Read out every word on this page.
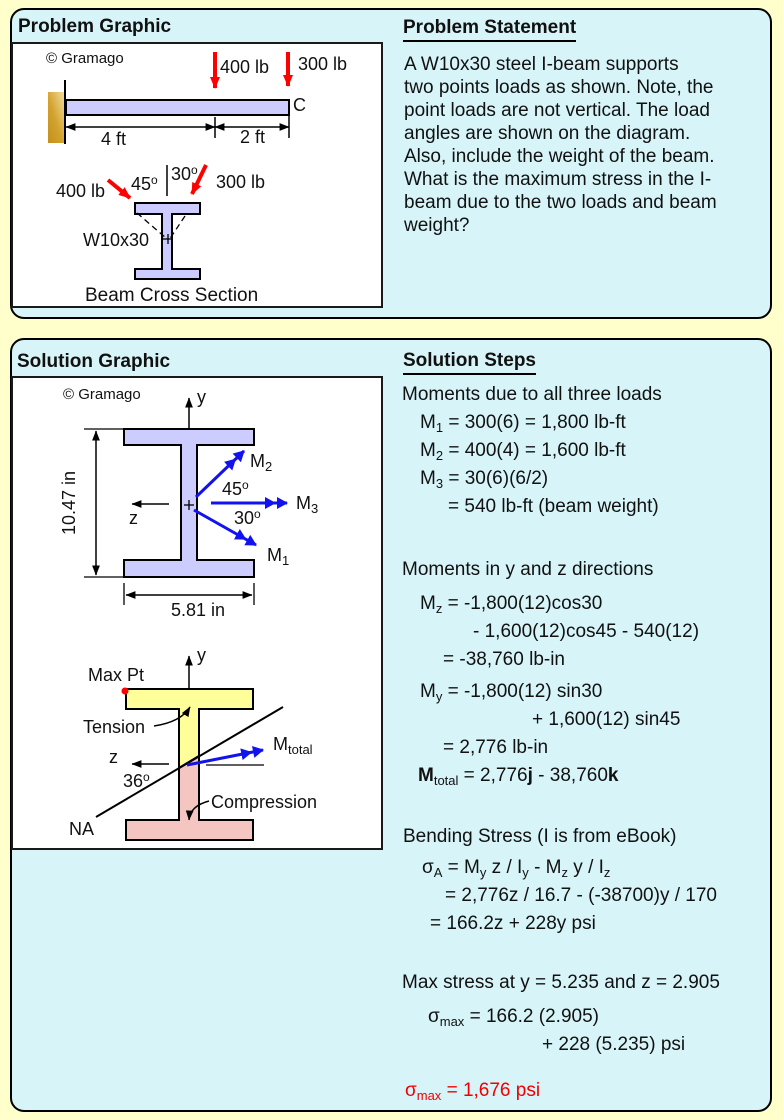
Problem Graphic
© Gramago
C
400 lb 300 lb
4 ft	2 ft
400 lb 45$^o$ 30$^o$
300 lb
W10x30
Beam Cross Section
Problem Statement
A W10x30 steel I-beam supports
two points loads as shown. Note, the
point loads are not vertical. The load
angles are shown on the diagram.
Also, include the weight of the beam.
What is the maximum stress in the I-
beam due to the two loads and beam
weight?
Solution Graphic
© Gramago	y
10.47 in	z
$M_2$
45$^o$
$M_3$
30$^o$
$M_1$
5.81 in
y
Max Pt
NA
Tension
z
36$^o$
$M_{total}$
Compression
Solution Steps
Moments due to all three loads
$M_1 = 300(6) = 1,800$ lb-ft
$M_2 = 400(4) = 1,600$ lb-ft
$M_3 = 30(6)(6/2)$
= 540 lb-ft (beam weight)
Moments in y and z directions
$M_z = -1,800(12)\cos 30$
- 1,600(12)cos45 - 540(12)
= -38,760 lb-in
$M_y = -1,800(12)$ sin30
+ 1,600(12) sin45
= 2,776 lb-in
$M_{total} = 2,776j - 38,760k$
Bending Stress (I is from eBook)
$\sigma_A = M_y$ z / $I_y - M_z$ y / $I_z$
= 2,776z / 16.7 - (-38700)y / 170
= 166.2z + 228y psi
Max stress at y = 5.235 and z = 2.905
$\sigma_{max} = 166.2$ (2.905)
+ 228 (5.235) psi
$\sigma_{max} = 1,676$ psi
